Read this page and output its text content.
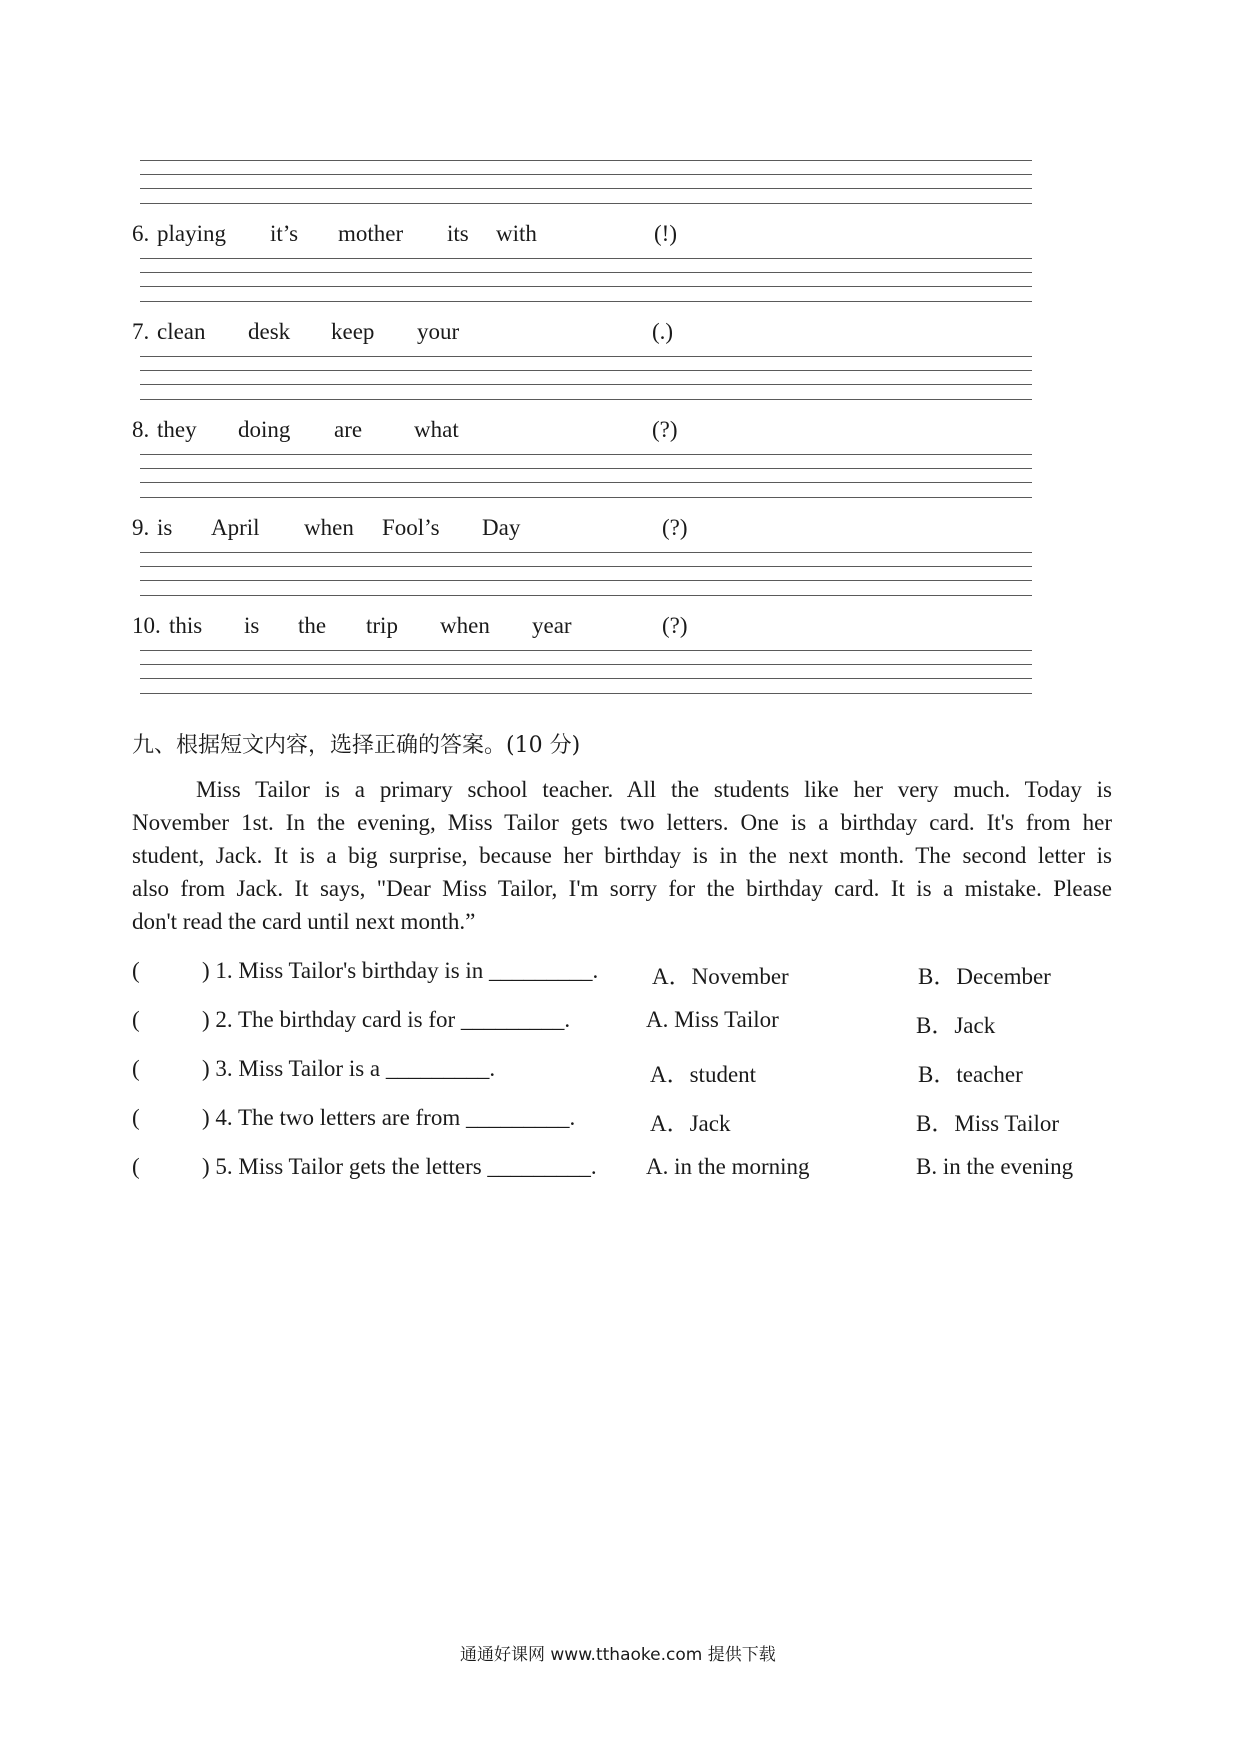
6. playing it’s mother its with	(!)
7. clean desk keep your	(.)
8. they doing are what	(?)
9. is April when Fool’s Day	(?)
10. this is the trip when year	(?)
九、根据短文内容，选择正确的答案。(10 分)
Miss Tailor is a primary school teacher. All the students like her very much. Today is
November 1st. In the evening, Miss Tailor gets two letters. One is a birthday card. It's from her
student, Jack. It is a big surprise, because her birthday is in the next month. The second letter is
also from Jack. It says, "Dear Miss Tailor, I'm sorry for the birthday card. It is a mistake. Please
don't read the card until next month.”
(	) 1. Miss Tailor's birthday is in _________. A．November	B．December
(	) 2. The birthday card is for _________.	A. Miss Tailor	B．Jack
(	) 3. Miss Tailor is a _________.	A．student	B．teacher
(	) 4. The two letters are from _________.	A．Jack	B．Miss Tailor
(	) 5. Miss Tailor gets the letters _________. A. in the morning	B. in the evening
通通好课网 www.tthaoke.com 提供下载
